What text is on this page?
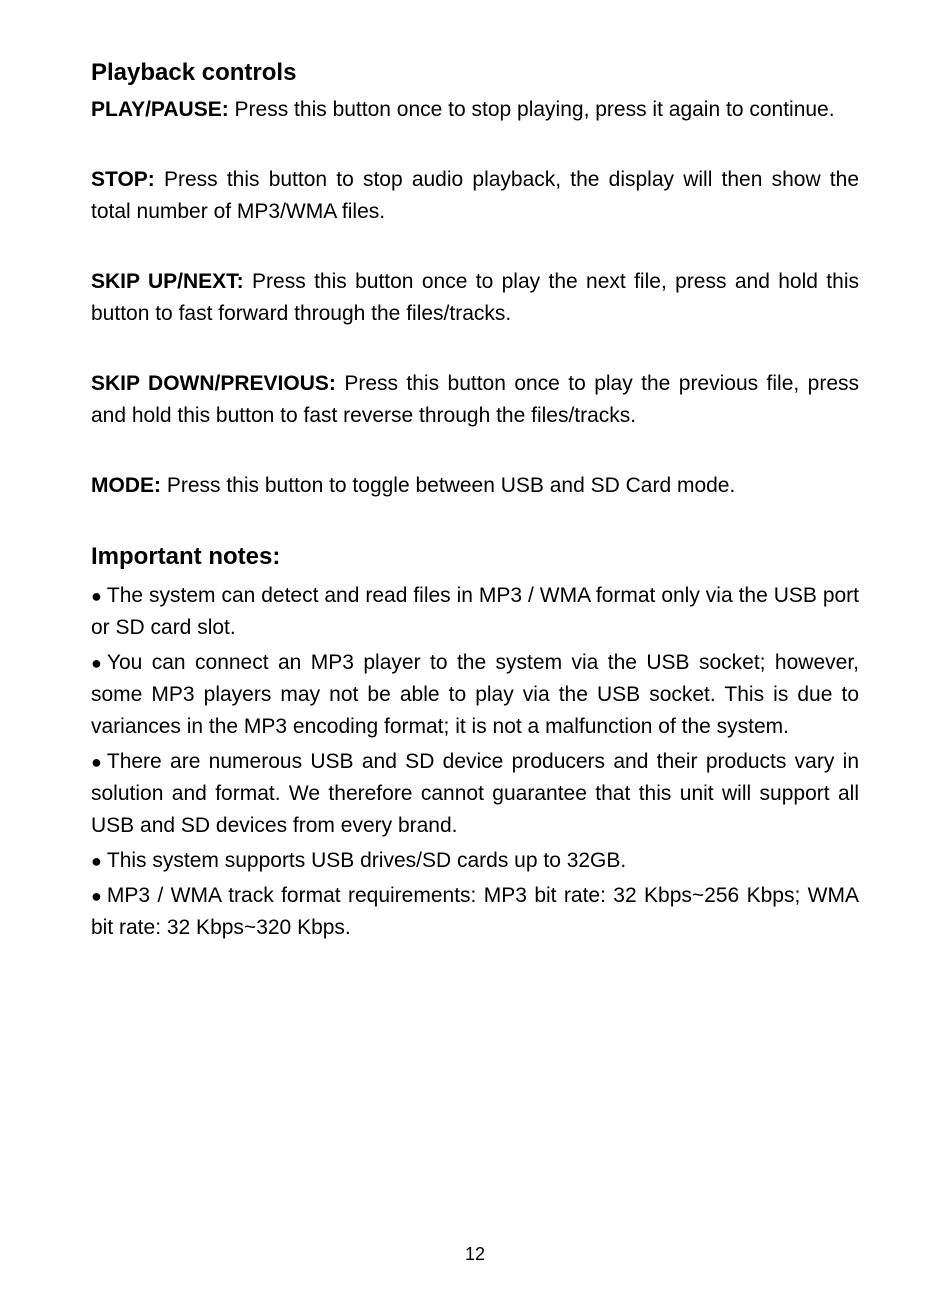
Playback controls

PLAY/PAUSE: Press this button once to stop playing, press it again to continue.

STOP: Press this button to stop audio playback, the display will then show the total number of MP3/WMA files.

SKIP UP/NEXT: Press this button once to play the next file, press and hold this button to fast forward through the files/tracks.

SKIP DOWN/PREVIOUS: Press this button once to play the previous file, press and hold this button to fast reverse through the files/tracks.

MODE: Press this button to toggle between USB and SD Card mode.

Important notes:

● The system can detect and read files in MP3 / WMA format only via the USB port or SD card slot.

● You can connect an MP3 player to the system via the USB socket; however, some MP3 players may not be able to play via the USB socket. This is due to variances in the MP3 encoding format; it is not a malfunction of the system.

● There are numerous USB and SD device producers and their products vary in solution and format. We therefore cannot guarantee that this unit will support all USB and SD devices from every brand.

● This system supports USB drives/SD cards up to 32GB.

● MP3 / WMA track format requirements: MP3 bit rate: 32 Kbps~256 Kbps; WMA bit rate: 32 Kbps~320 Kbps.

12
